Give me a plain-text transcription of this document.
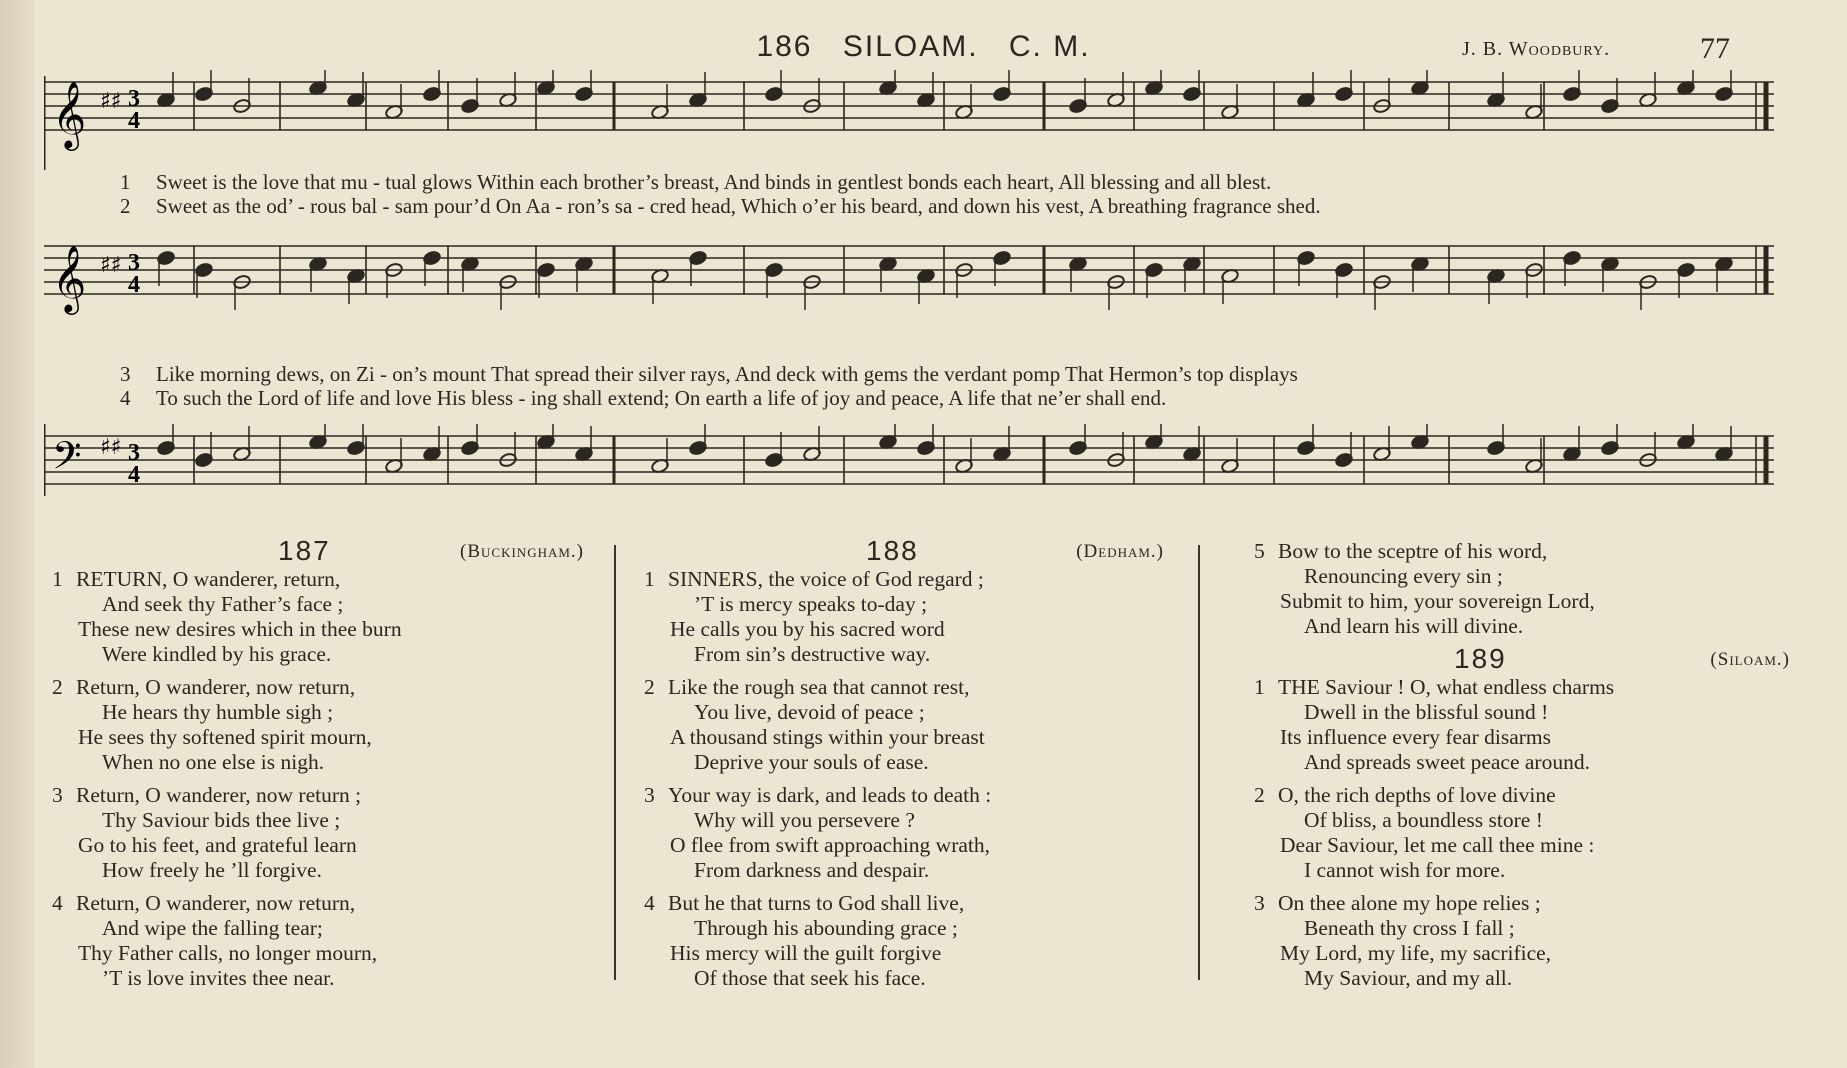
186 SILOAM. C. M.	J. B. Woodbury.	77
𝄞 ♯♯ 3
4
1 Sweet is the love that mu - tual glows Within each brother’s breast, And binds in gentlest bonds each heart, All blessing and all blest.
2 Sweet as the od’ - rous bal - sam pour’d On Aa - ron’s sa - cred head, Which o’er his beard, and down his vest, A breathing fragrance shed.
𝄞 ♯♯ 3
4
3 Like morning dews, on Zi - on’s mount That spread their silver rays, And deck with gems the verdant pomp That Hermon’s top displays
4 To such the Lord of life and love His bless - ing shall extend; On earth a life of joy and peace, A life that ne’er shall end.
𝄢 ♯♯ 3
4
187	(Buckingham.)
1 RETURN, O wanderer, return,
And seek thy Father’s face ;
These new desires which in thee burn
Were kindled by his grace.
2 Return, O wanderer, now return,
He hears thy humble sigh ;
He sees thy softened spirit mourn,
When no one else is nigh.
3 Return, O wanderer, now return ;
Thy Saviour bids thee live ;
Go to his feet, and grateful learn
How freely he ’ll forgive.
4 Return, O wanderer, now return,
And wipe the falling tear;
Thy Father calls, no longer mourn,
’T is love invites thee near.
188	(Dedham.)
1 SINNERS, the voice of God regard ;
’T is mercy speaks to-day ;
He calls you by his sacred word
From sin’s destructive way.
2 Like the rough sea that cannot rest,
You live, devoid of peace ;
A thousand stings within your breast
Deprive your souls of ease.
3 Your way is dark, and leads to death :
Why will you persevere ?
O flee from swift approaching wrath,
From darkness and despair.
4 But he that turns to God shall live,
Through his abounding grace ;
His mercy will the guilt forgive
Of those that seek his face.
5 Bow to the sceptre of his word,
Renouncing every sin ;
Submit to him, your sovereign Lord,
And learn his will divine.
189	(Siloam.)
1 THE Saviour ! O, what endless charms
Dwell in the blissful sound !
Its influence every fear disarms
And spreads sweet peace around.
2 O, the rich depths of love divine
Of bliss, a boundless store !
Dear Saviour, let me call thee mine :
I cannot wish for more.
3 On thee alone my hope relies ;
Beneath thy cross I fall ;
My Lord, my life, my sacrifice,
My Saviour, and my all.
